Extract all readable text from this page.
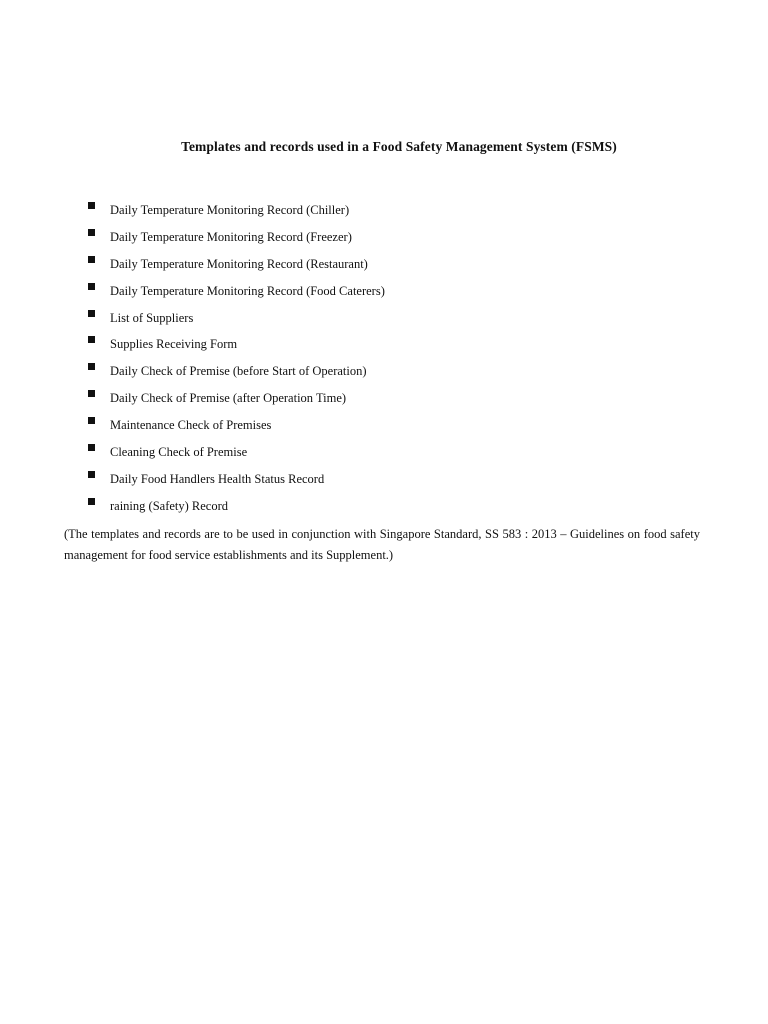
Templates and records used in a Food Safety Management System (FSMS)
Daily Temperature Monitoring Record (Chiller)
Daily Temperature Monitoring Record (Freezer)
Daily Temperature Monitoring Record (Restaurant)
Daily Temperature Monitoring Record (Food Caterers)
List of Suppliers
Supplies Receiving Form
Daily Check of Premise (before Start of Operation)
Daily Check of Premise (after Operation Time)
Maintenance Check of Premises
Cleaning Check of Premise
Daily Food Handlers Health Status Record
raining (Safety) Record

(The templates and records are to be used in conjunction with Singapore Standard, SS 583 : 2013 – Guidelines on food safety management for food service establishments and its Supplement.)
